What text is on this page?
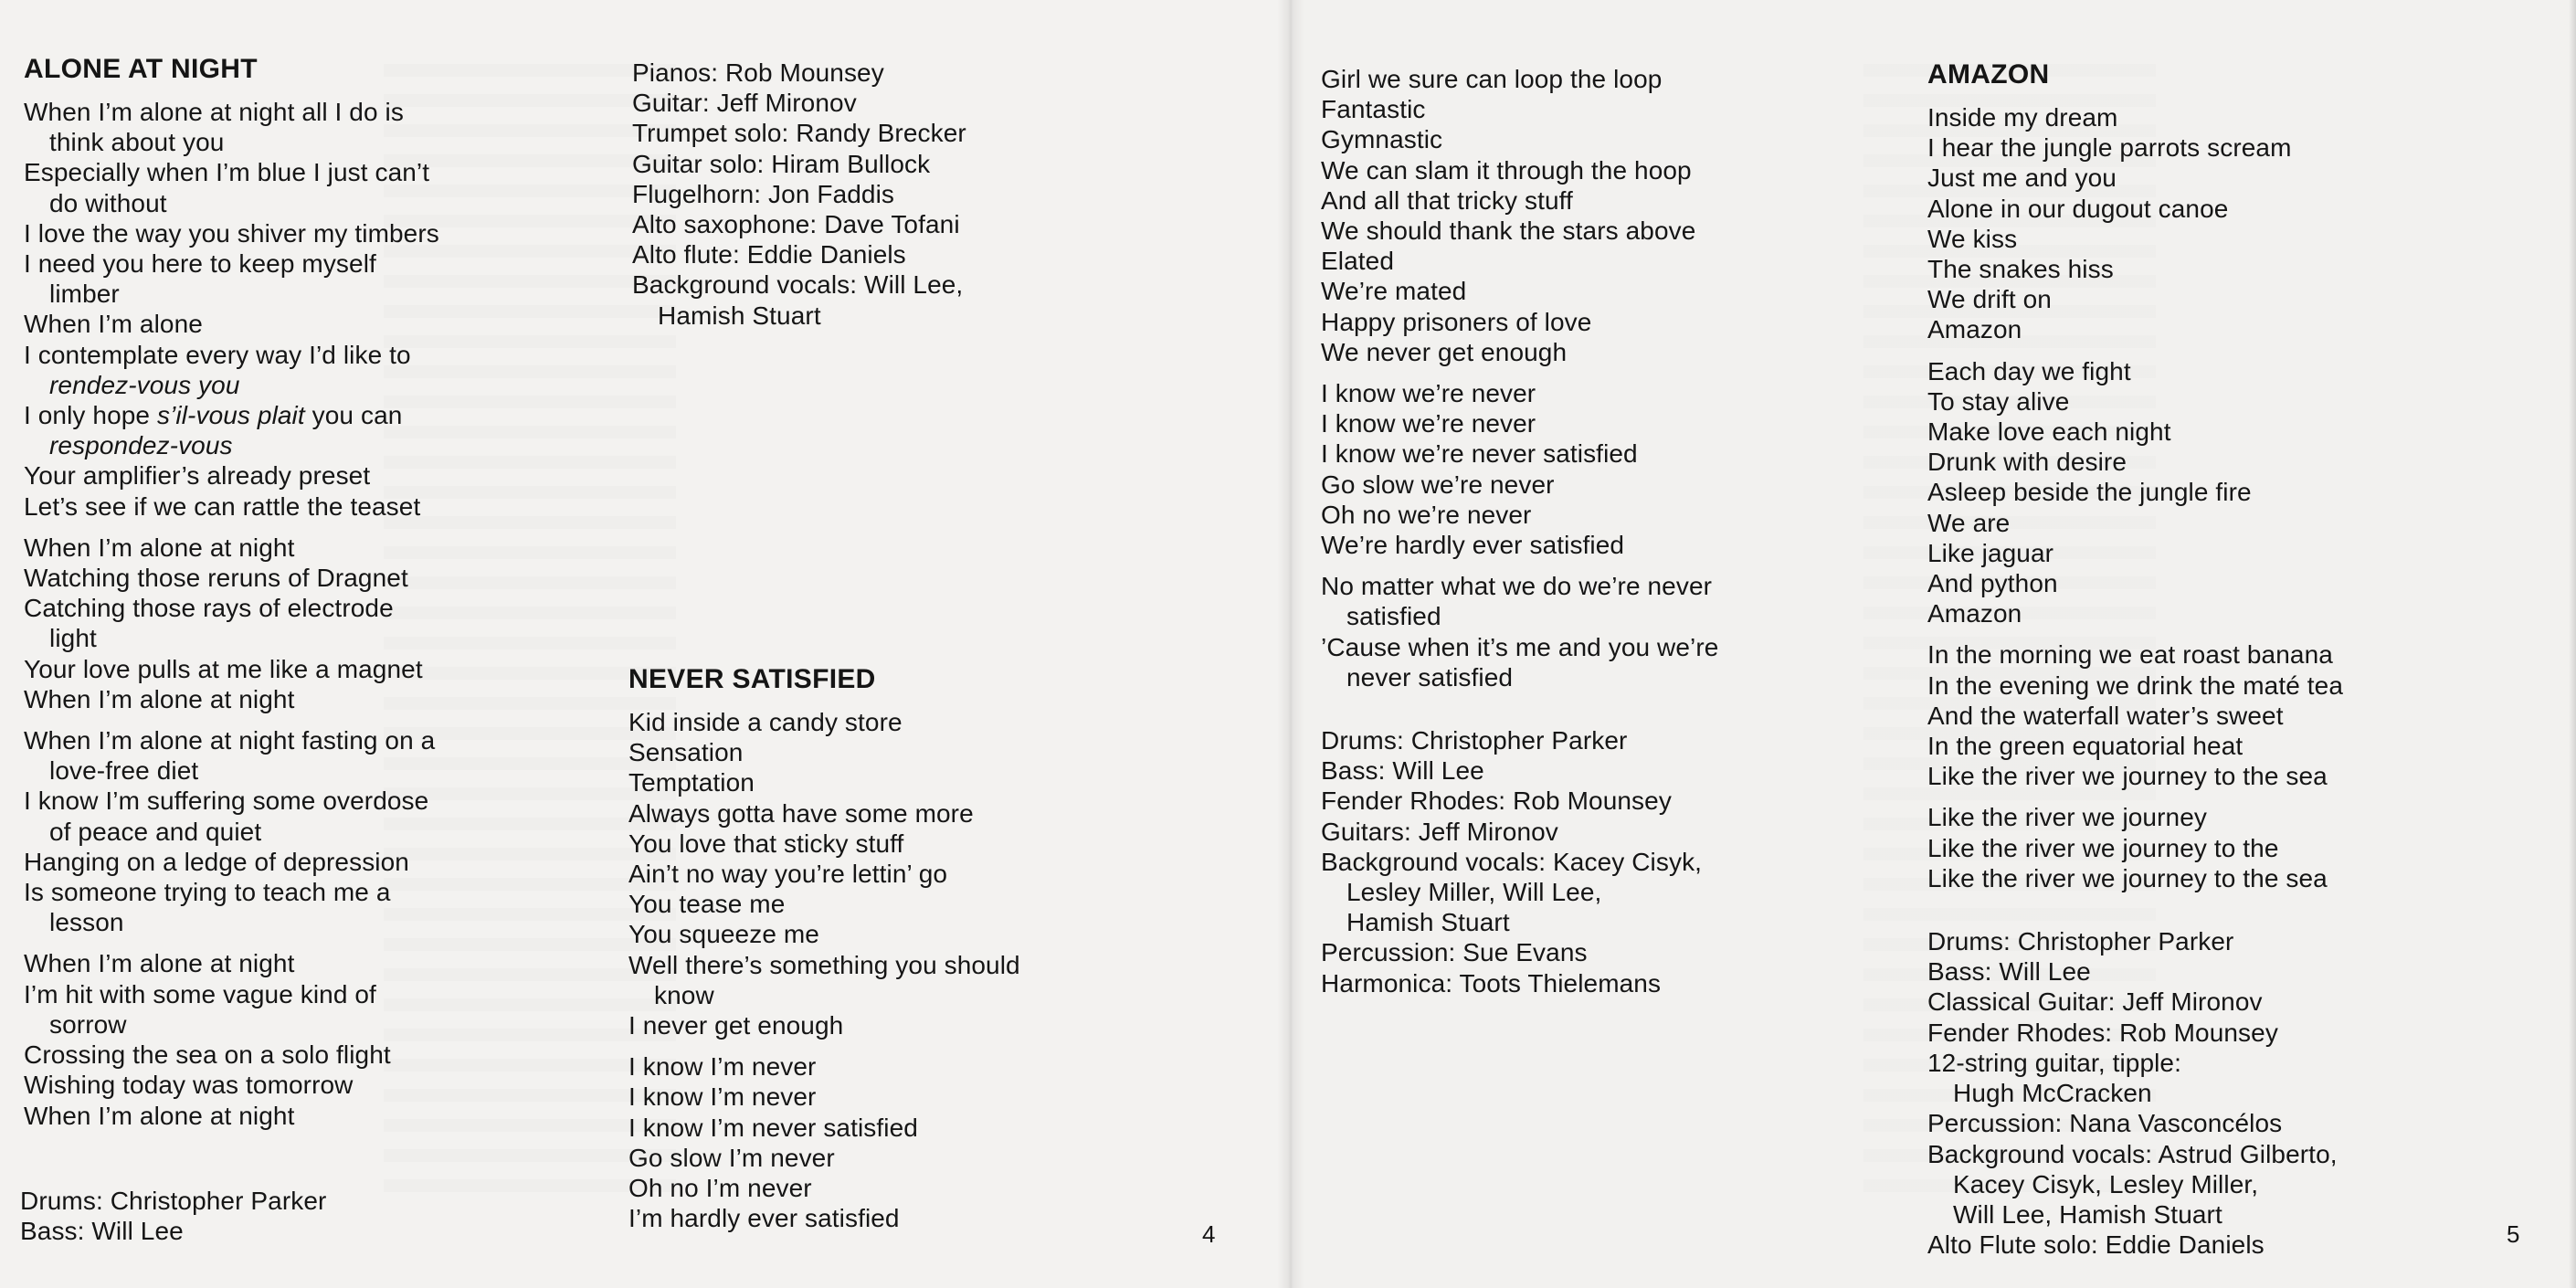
ALONE AT NIGHT
When I’m alone at night all I do is
think about you
Especially when I’m blue I just can’t
do without
I love the way you shiver my timbers
I need you here to keep myself
limber
When I’m alone
I contemplate every way I’d like to
rendez-vous you
I only hope s’il-vous plait you can
respondez-vous
Your amplifier’s already preset
Let’s see if we can rattle the teaset
When I’m alone at night
Watching those reruns of Dragnet
Catching those rays of electrode
light
Your love pulls at me like a magnet
When I’m alone at night
When I’m alone at night fasting on a
love-free diet
I know I’m suffering some overdose
of peace and quiet
Hanging on a ledge of depression
Is someone trying to teach me a
lesson
When I’m alone at night
I’m hit with some vague kind of
sorrow
Crossing the sea on a solo flight
Wishing today was tomorrow
When I’m alone at night
Drums: Christopher Parker
Bass: Will Lee
Pianos: Rob Mounsey
Guitar: Jeff Mironov
Trumpet solo: Randy Brecker
Guitar solo: Hiram Bullock
Flugelhorn: Jon Faddis
Alto saxophone: Dave Tofani
Alto flute: Eddie Daniels
Background vocals: Will Lee,
Hamish Stuart
NEVER SATISFIED
Kid inside a candy store
Sensation
Temptation
Always gotta have some more
You love that sticky stuff
Ain’t no way you’re lettin’ go
You tease me
You squeeze me
Well there’s something you should
know
I never get enough
I know I’m never
I know I’m never
I know I’m never satisfied
Go slow I’m never
Oh no I’m never
I’m hardly ever satisfied
4
Girl we sure can loop the loop
Fantastic
Gymnastic
We can slam it through the hoop
And all that tricky stuff
We should thank the stars above
Elated
We’re mated
Happy prisoners of love
We never get enough
I know we’re never
I know we’re never
I know we’re never satisfied
Go slow we’re never
Oh no we’re never
We’re hardly ever satisfied
No matter what we do we’re never
satisfied
’Cause when it’s me and you we’re
never satisfied
Drums: Christopher Parker
Bass: Will Lee
Fender Rhodes: Rob Mounsey
Guitars: Jeff Mironov
Background vocals: Kacey Cisyk,
Lesley Miller, Will Lee,
Hamish Stuart
Percussion: Sue Evans
Harmonica: Toots Thielemans
AMAZON
Inside my dream
I hear the jungle parrots scream
Just me and you
Alone in our dugout canoe
We kiss
The snakes hiss
We drift on
Amazon
Each day we fight
To stay alive
Make love each night
Drunk with desire
Asleep beside the jungle fire
We are
Like jaguar
And python
Amazon
In the morning we eat roast banana
In the evening we drink the maté tea
And the waterfall water’s sweet
In the green equatorial heat
Like the river we journey to the sea
Like the river we journey
Like the river we journey to the
Like the river we journey to the sea
Drums: Christopher Parker
Bass: Will Lee
Classical Guitar: Jeff Mironov
Fender Rhodes: Rob Mounsey
12-string guitar, tipple:
Hugh McCracken
Percussion: Nana Vasconcélos
Background vocals: Astrud Gilberto,
Kacey Cisyk, Lesley Miller,
Will Lee, Hamish Stuart
Alto Flute solo: Eddie Daniels	5
